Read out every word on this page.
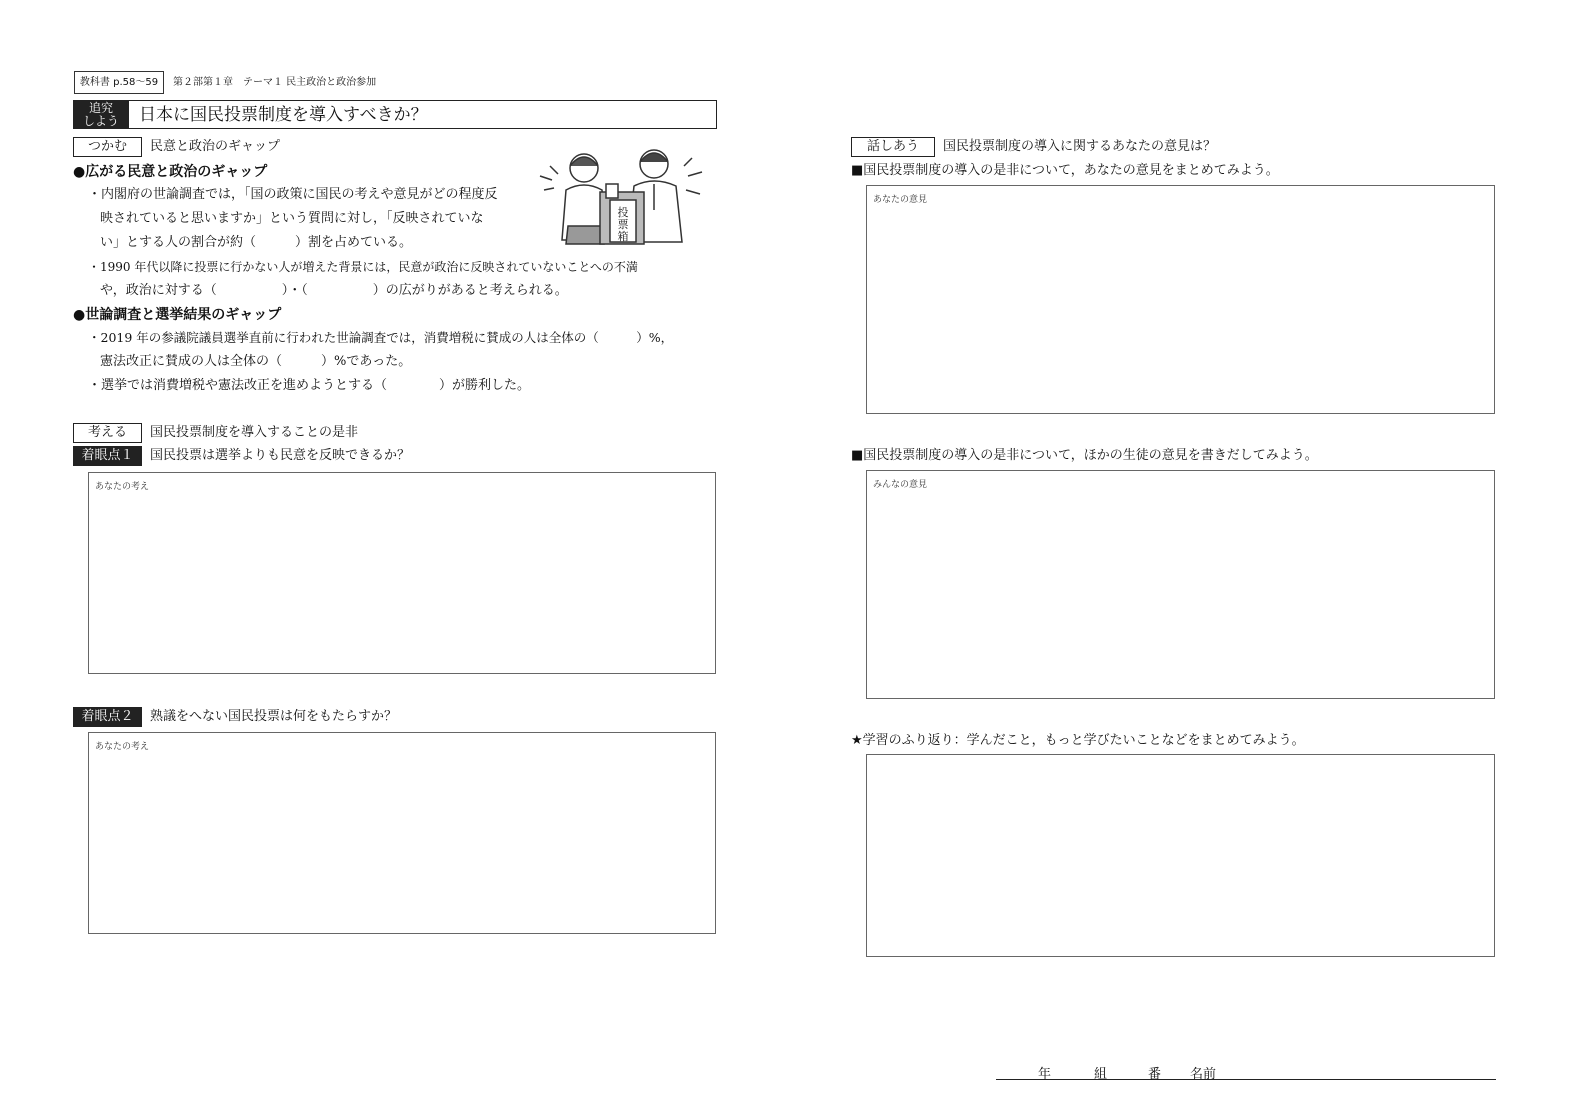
教科書 p.58〜59	第２部第１章　テーマ１ 民主政治と政治参加
追究
しよう	日本に国民投票制度を導入すべきか？
つかむ	民意と政治のギャップ
●広がる民意と政治のギャップ
・内閣府の世論調査では，「国の政策に国民の考えや意見がどの程度反
映されていると思いますか」という質問に対し，「反映されていな
い」とする人の割合が約（　　　）割を占めている。
・1990 年代以降に投票に行かない人が増えた背景には，民意が政治に反映されていないことへの不満
や，政治に対する（　　　　　）・（　　　　　）の広がりがあると考えられる。
●世論調査と選挙結果のギャップ
・2019 年の参議院議員選挙直前に行われた世論調査では，消費増税に賛成の人は全体の（　　　）%，
憲法改正に賛成の人は全体の（　　　）%であった。
・選挙では消費増税や憲法改正を進めようとする（　　　　）が勝利した。
投
票
箱
考える	国民投票制度を導入することの是非
着眼点１	国民投票は選挙よりも民意を反映できるか？
あなたの考え
着眼点２	熟議をへない国民投票は何をもたらすか？
あなたの考え
話しあう	国民投票制度の導入に関するあなたの意見は？
■国民投票制度の導入の是非について，あなたの意見をまとめてみよう。
あなたの意見
■国民投票制度の導入の是非について，ほかの生徒の意見を書きだしてみよう。
みんなの意見
★学習のふり返り：学んだこと，もっと学びたいことなどをまとめてみよう。
年	組	番 名前
